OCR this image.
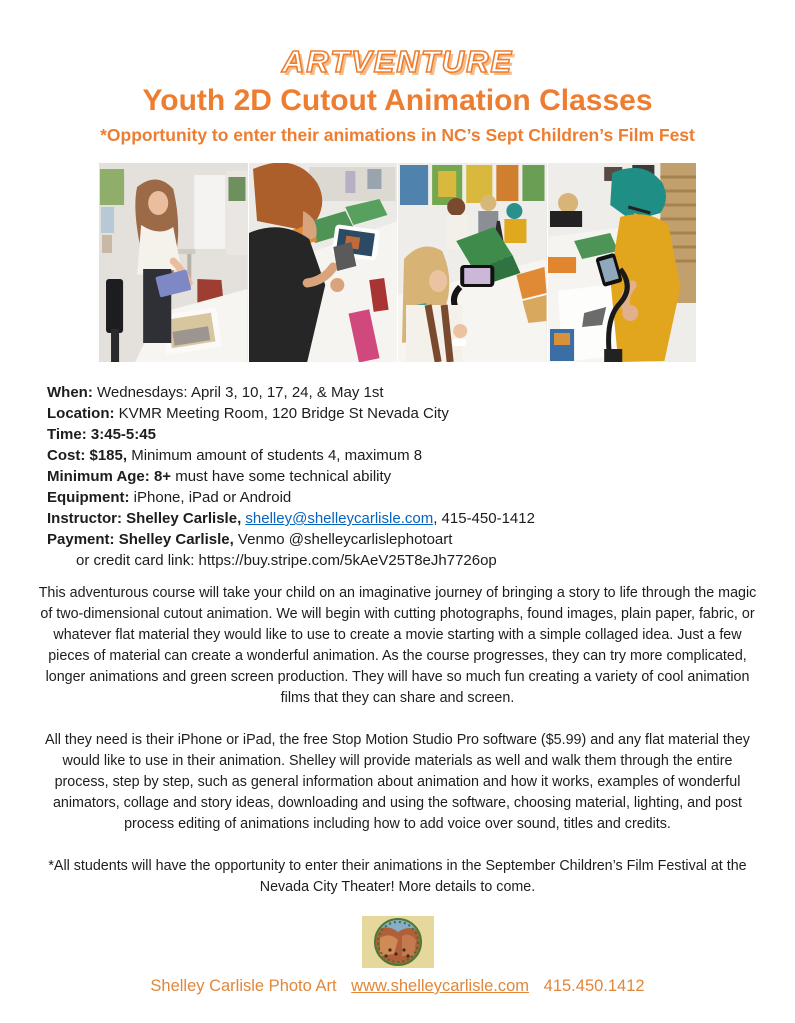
ARTVENTURE
Youth 2D Cutout Animation Classes
*Opportunity to enter their animations in NC’s Sept Children’s Film Fest
When: Wednesdays: April 3, 10, 17, 24, & May 1st
Location: KVMR Meeting Room, 120 Bridge St Nevada City
Time: 3:45-5:45
Cost: $185, Minimum amount of students 4, maximum 8
Minimum Age: 8+ must have some technical ability
Equipment: iPhone, iPad or Android
Instructor: Shelley Carlisle, shelley@shelleycarlisle.com, 415-450-1412
Payment: Shelley Carlisle, Venmo @shelleycarlislephotoart
or credit card link: https://buy.stripe.com/5kAeV25T8eJh7726op

This adventurous course will take your child on an imaginative journey of bringing a story to life through the magic of two-dimensional cutout animation. We will begin with cutting photographs, found images, plain paper, fabric, or whatever flat material they would like to use to create a movie starting with a simple collaged idea. Just a few pieces of material can create a wonderful animation. As the course progresses, they can try more complicated, longer animations and green screen production. They will have so much fun creating a variety of cool animation films that they can share and screen.

All they need is their iPhone or iPad, the free Stop Motion Studio Pro software ($5.99) and any flat material they would like to use in their animation. Shelley will provide materials as well and walk them through the entire process, step by step, such as general information about animation and how it works, examples of wonderful animators, collage and story ideas, downloading and using the software, choosing material, lighting, and post process editing of animations including how to add voice over sound, titles and credits.

*All students will have the opportunity to enter their animations in the September Children’s Film Festival at the Nevada City Theater! More details to come.

Shelley Carlisle Photo Art www.shelleycarlisle.com 415.450.1412
